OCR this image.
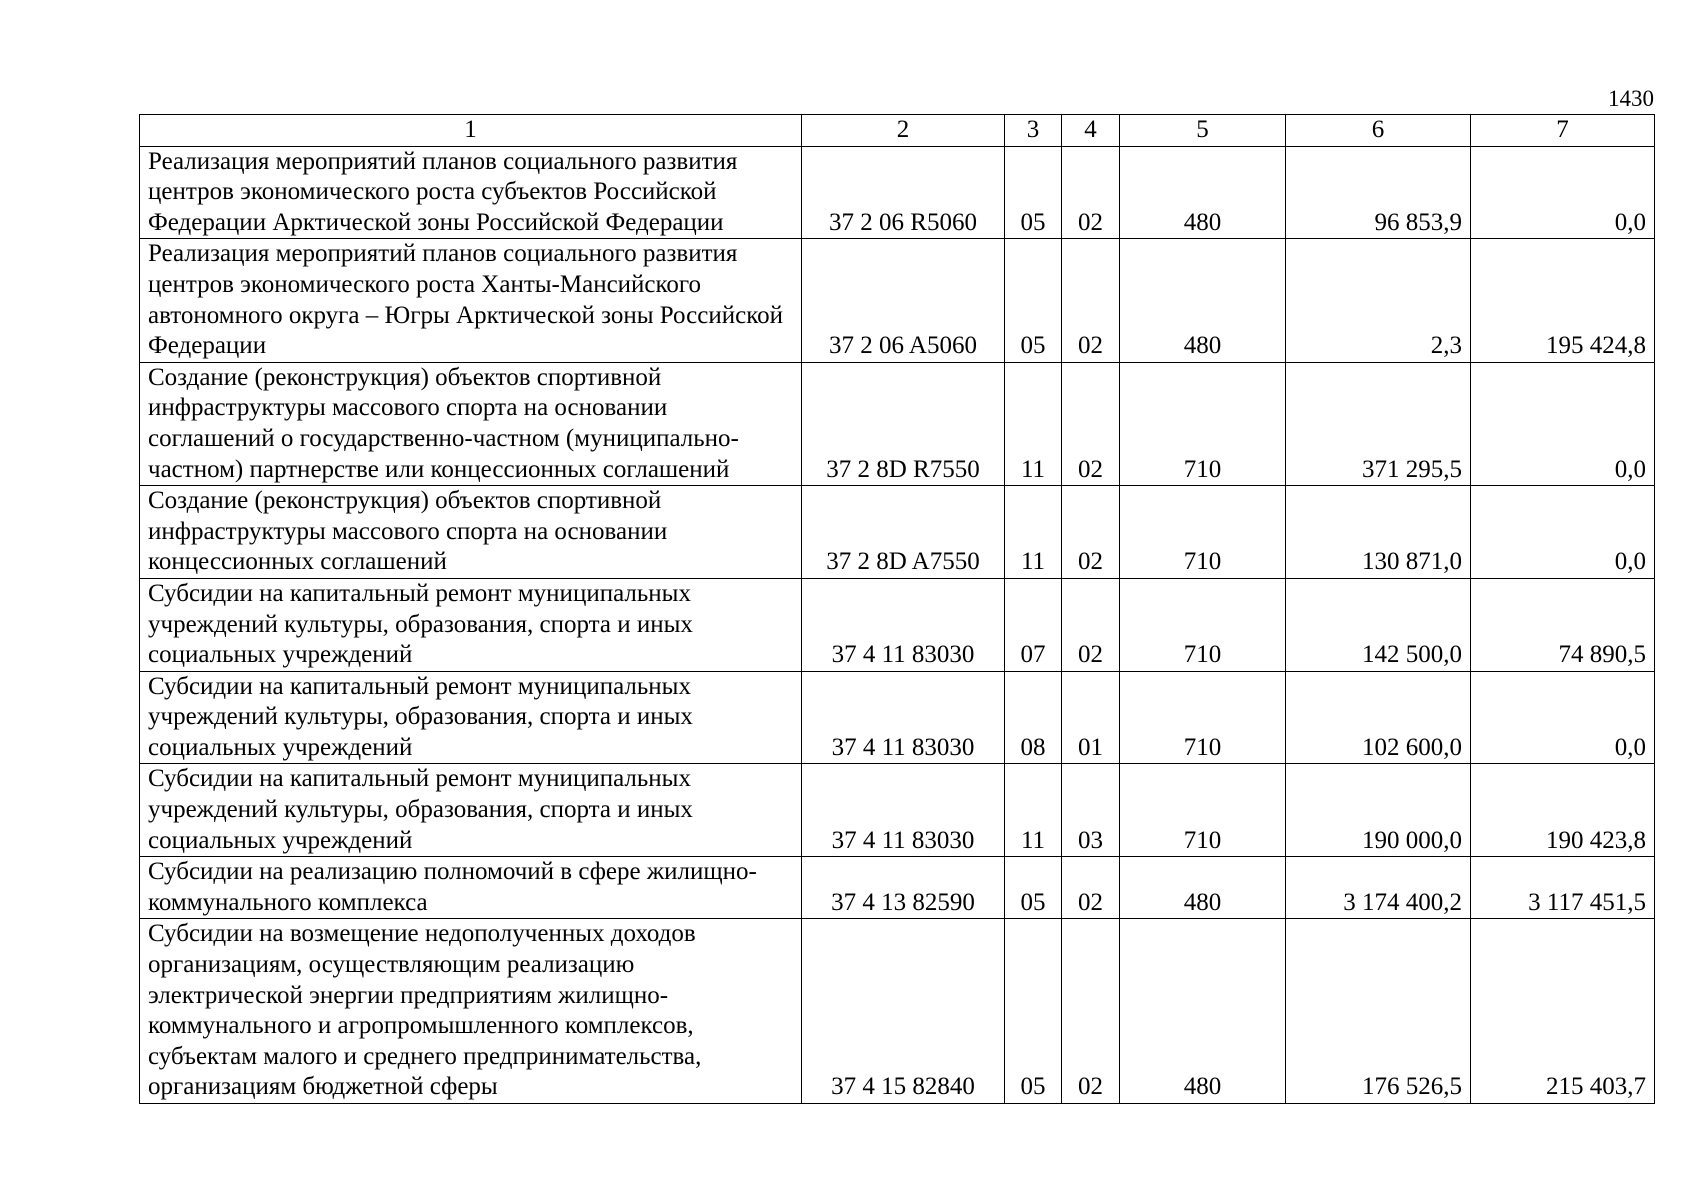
1430
1	2	3	4	5	6	7
Реализация мероприятий планов социального развития центров экономического роста субъектов Российской Федерации Арктической зоны Российской Федерации	37 2 06 R5060	05	02	480	96 853,9	0,0
Реализация мероприятий планов социального развития центров экономического роста Ханты-Мансийского автономного округа – Югры Арктической зоны Российской Федерации	37 2 06 A5060	05	02	480	2,3	195 424,8
Создание (реконструкция) объектов спортивной инфраструктуры массового спорта на основании соглашений о государственно-частном (муниципально-частном) партнерстве или концессионных соглашений	37 2 8D R7550	11	02	710	371 295,5	0,0
Создание (реконструкция) объектов спортивной инфраструктуры массового спорта на основании концессионных соглашений	37 2 8D A7550	11	02	710	130 871,0	0,0
Субсидии на капитальный ремонт муниципальных учреждений культуры, образования, спорта и иных социальных учреждений	37 4 11 83030	07	02	710	142 500,0	74 890,5
Субсидии на капитальный ремонт муниципальных учреждений культуры, образования, спорта и иных социальных учреждений	37 4 11 83030	08	01	710	102 600,0	0,0
Субсидии на капитальный ремонт муниципальных учреждений культуры, образования, спорта и иных социальных учреждений	37 4 11 83030	11	03	710	190 000,0	190 423,8
Субсидии на реализацию полномочий в сфере жилищно-коммунального комплекса	37 4 13 82590	05	02	480	3 174 400,2	3 117 451,5
Субсидии на возмещение недополученных доходов организациям, осуществляющим реализацию электрической энергии предприятиям жилищно-коммунального и агропромышленного комплексов, субъектам малого и среднего предпринимательства, организациям бюджетной сферы	37 4 15 82840	05	02	480	176 526,5	215 403,7
